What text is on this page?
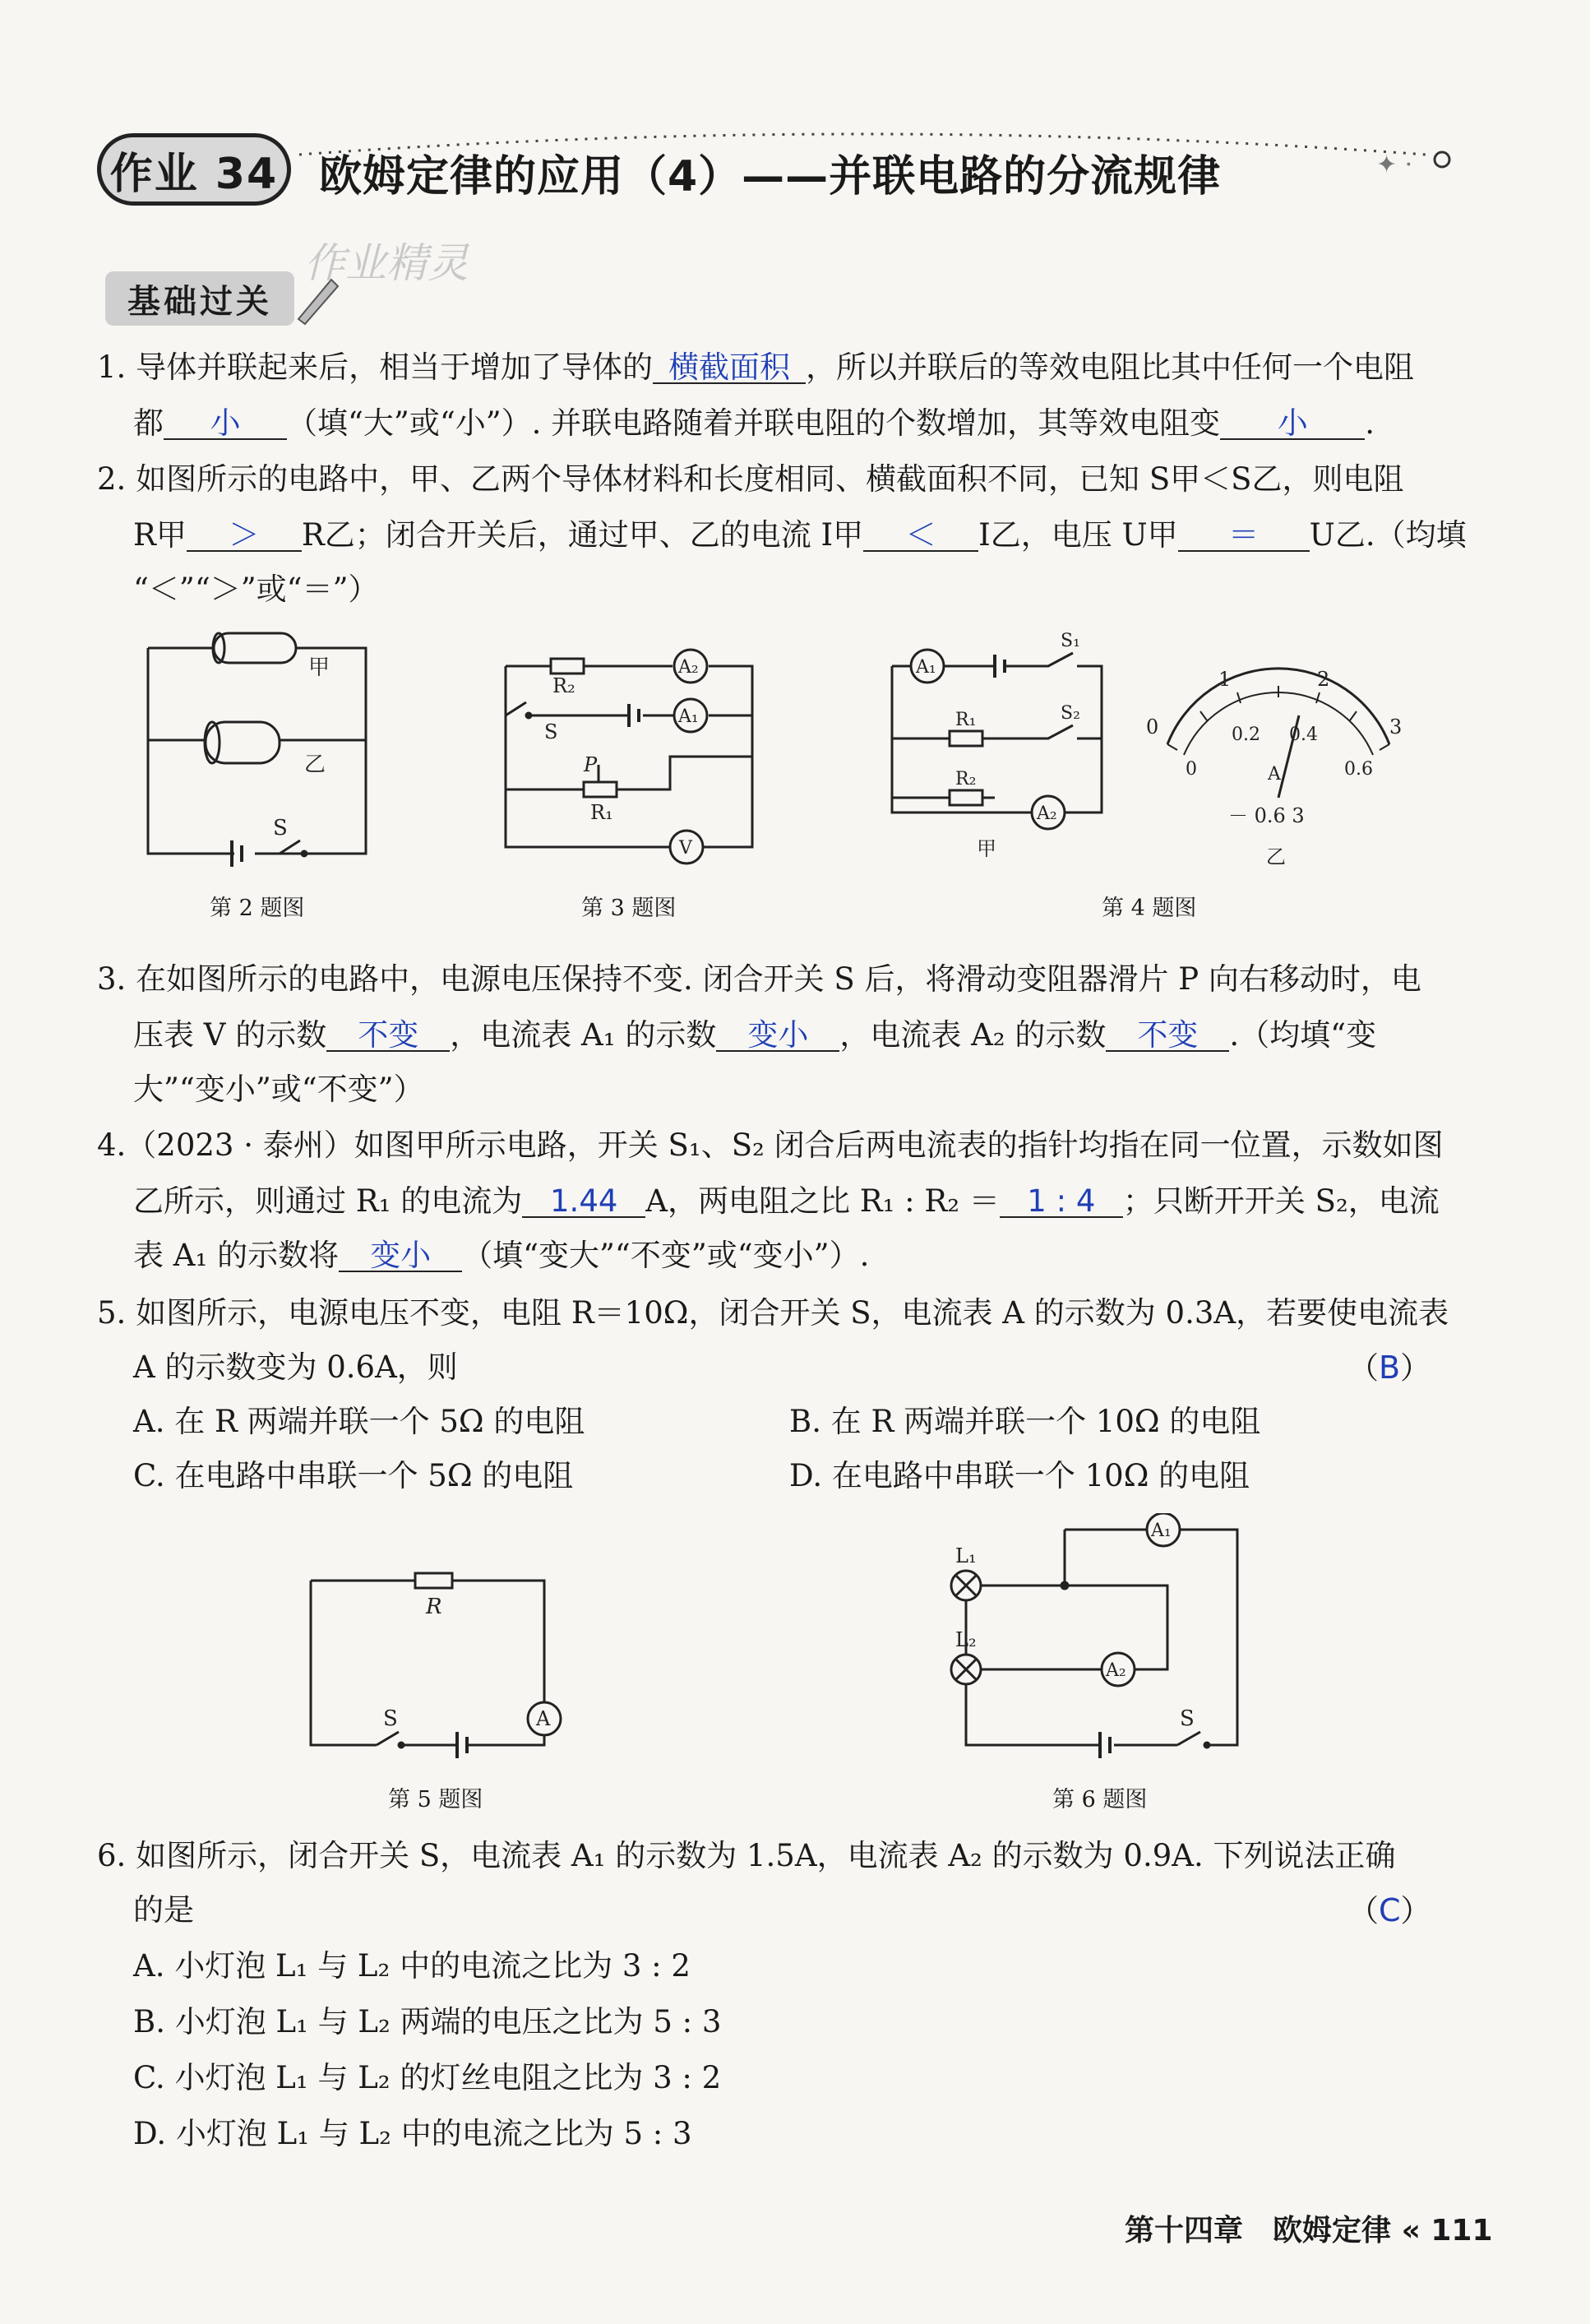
作业 34 欧姆定律的应用（4）——并联电路的分流规律	✦ ·
作业精灵
基础过关
1. 导体并联起来后，相当于增加了导体的 横截面积 ，所以并联后的等效电阻比其中任何一个电阻
都 小 （填“大”或“小”）. 并联电路随着并联电阻的个数增加，其等效电阻变 小 .
2. 如图所示的电路中，甲、乙两个导体材料和长度相同、横截面积不同，已知 S甲＜S乙，则电阻
R甲 ＞ R乙；闭合开关后，通过甲、乙的电流 I甲 ＜ I乙，电压 U甲 ＝ U乙.（均填
“＜”“＞”或“＝”）
甲
乙
S
第 2 题图
R₂
S
P
R₁
A₂
A₁
V
第 3 题图
A₁
A₂
S₁
S₂
R₁
R₂
甲
0
1	2
3
0
0.2 0.4
0.6
A
－ 0.6 3
乙
第 4 题图
3. 在如图所示的电路中，电源电压保持不变. 闭合开关 S 后，将滑动变阻器滑片 P 向右移动时，电
压表 V 的示数 不变 ，电流表 A₁ 的示数 变小 ，电流表 A₂ 的示数 不变 .（均填“变
大”“变小”或“不变”）
4.（2023 · 泰州）如图甲所示电路，开关 S₁、S₂ 闭合后两电流表的指针均指在同一位置，示数如图
乙所示，则通过 R₁ 的电流为 1.44 A，两电阻之比 R₁ : R₂ ＝ 1 : 4 ；只断开开关 S₂，电流
表 A₁ 的示数将 变小 （填“变大”“不变”或“变小”）.
5. 如图所示，电源电压不变，电阻 R＝10Ω，闭合开关 S，电流表 A 的示数为 0.3A，若要使电流表
A 的示数变为 0.6A，则	（B）
A. 在 R 两端并联一个 5Ω 的电阻	B. 在 R 两端并联一个 10Ω 的电阻
C. 在电路中串联一个 5Ω 的电阻	D. 在电路中串联一个 10Ω 的电阻
R
A
S
第 5 题图
A₁
A₂
L₁
L₂
S
第 6 题图
6. 如图所示，闭合开关 S，电流表 A₁ 的示数为 1.5A，电流表 A₂ 的示数为 0.9A. 下列说法正确
的是	（C）
A. 小灯泡 L₁ 与 L₂ 中的电流之比为 3 : 2
B. 小灯泡 L₁ 与 L₂ 两端的电压之比为 5 : 3
C. 小灯泡 L₁ 与 L₂ 的灯丝电阻之比为 3 : 2
D. 小灯泡 L₁ 与 L₂ 中的电流之比为 5 : 3
第十四章　欧姆定律 « 111
